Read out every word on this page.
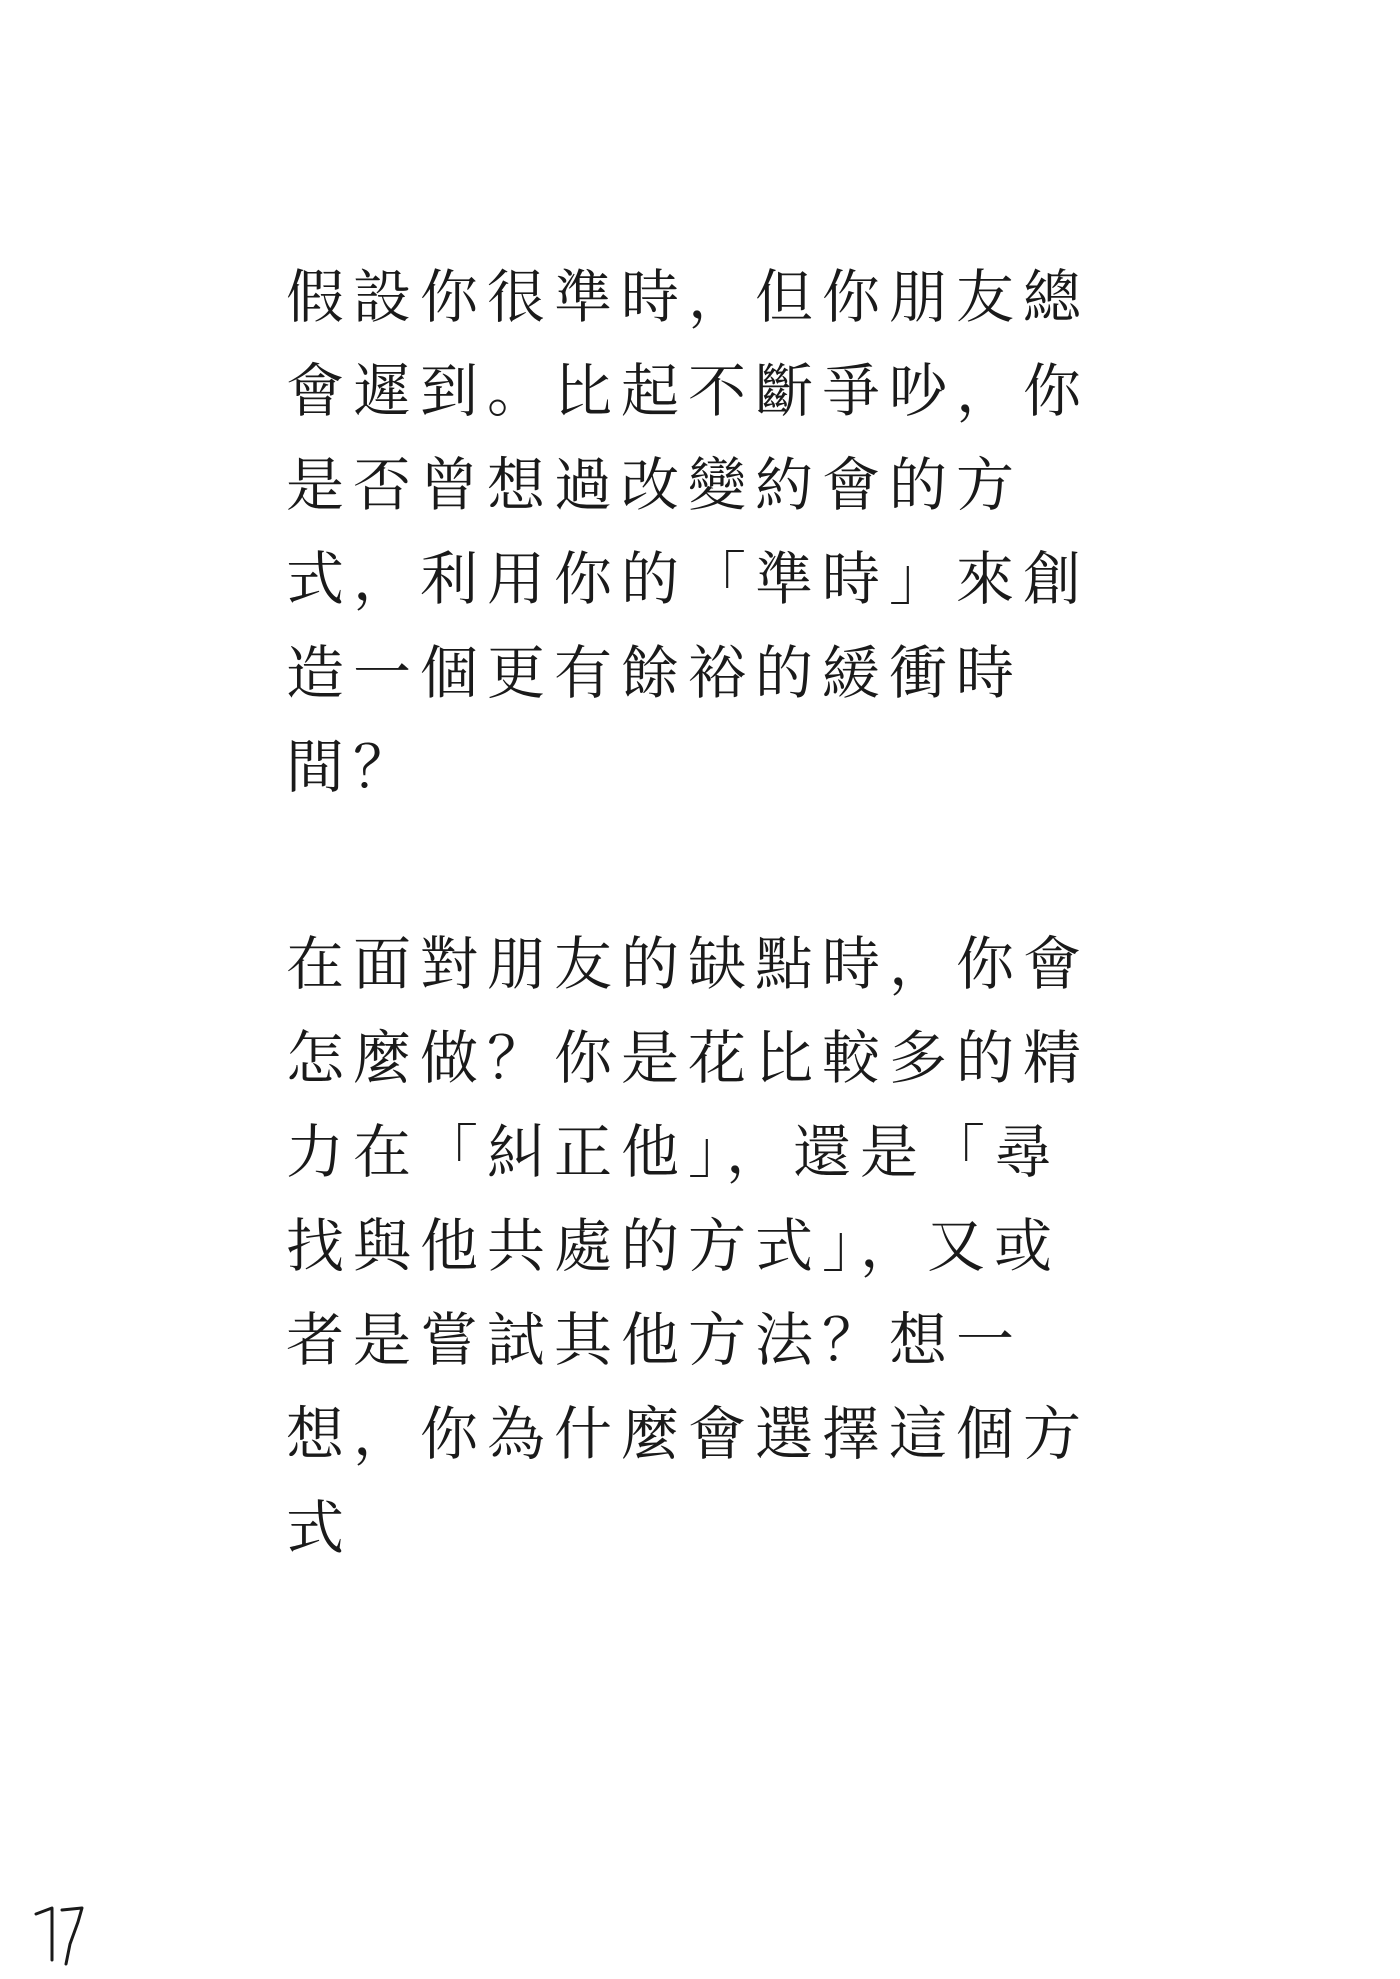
假設你很準時，但你朋友總
會遲到。比起不斷爭吵，你
是否曾想過改變約會的方
式，利用你的「準時」來創
造一個更有餘裕的緩衝時
間？
在面對朋友的缺點時，你會
怎麼做？你是花比較多的精
力在「糾正他」，還是「尋
找與他共處的方式」，又或
者是嘗試其他方法？想一
想，你為什麼會選擇這個方
式
